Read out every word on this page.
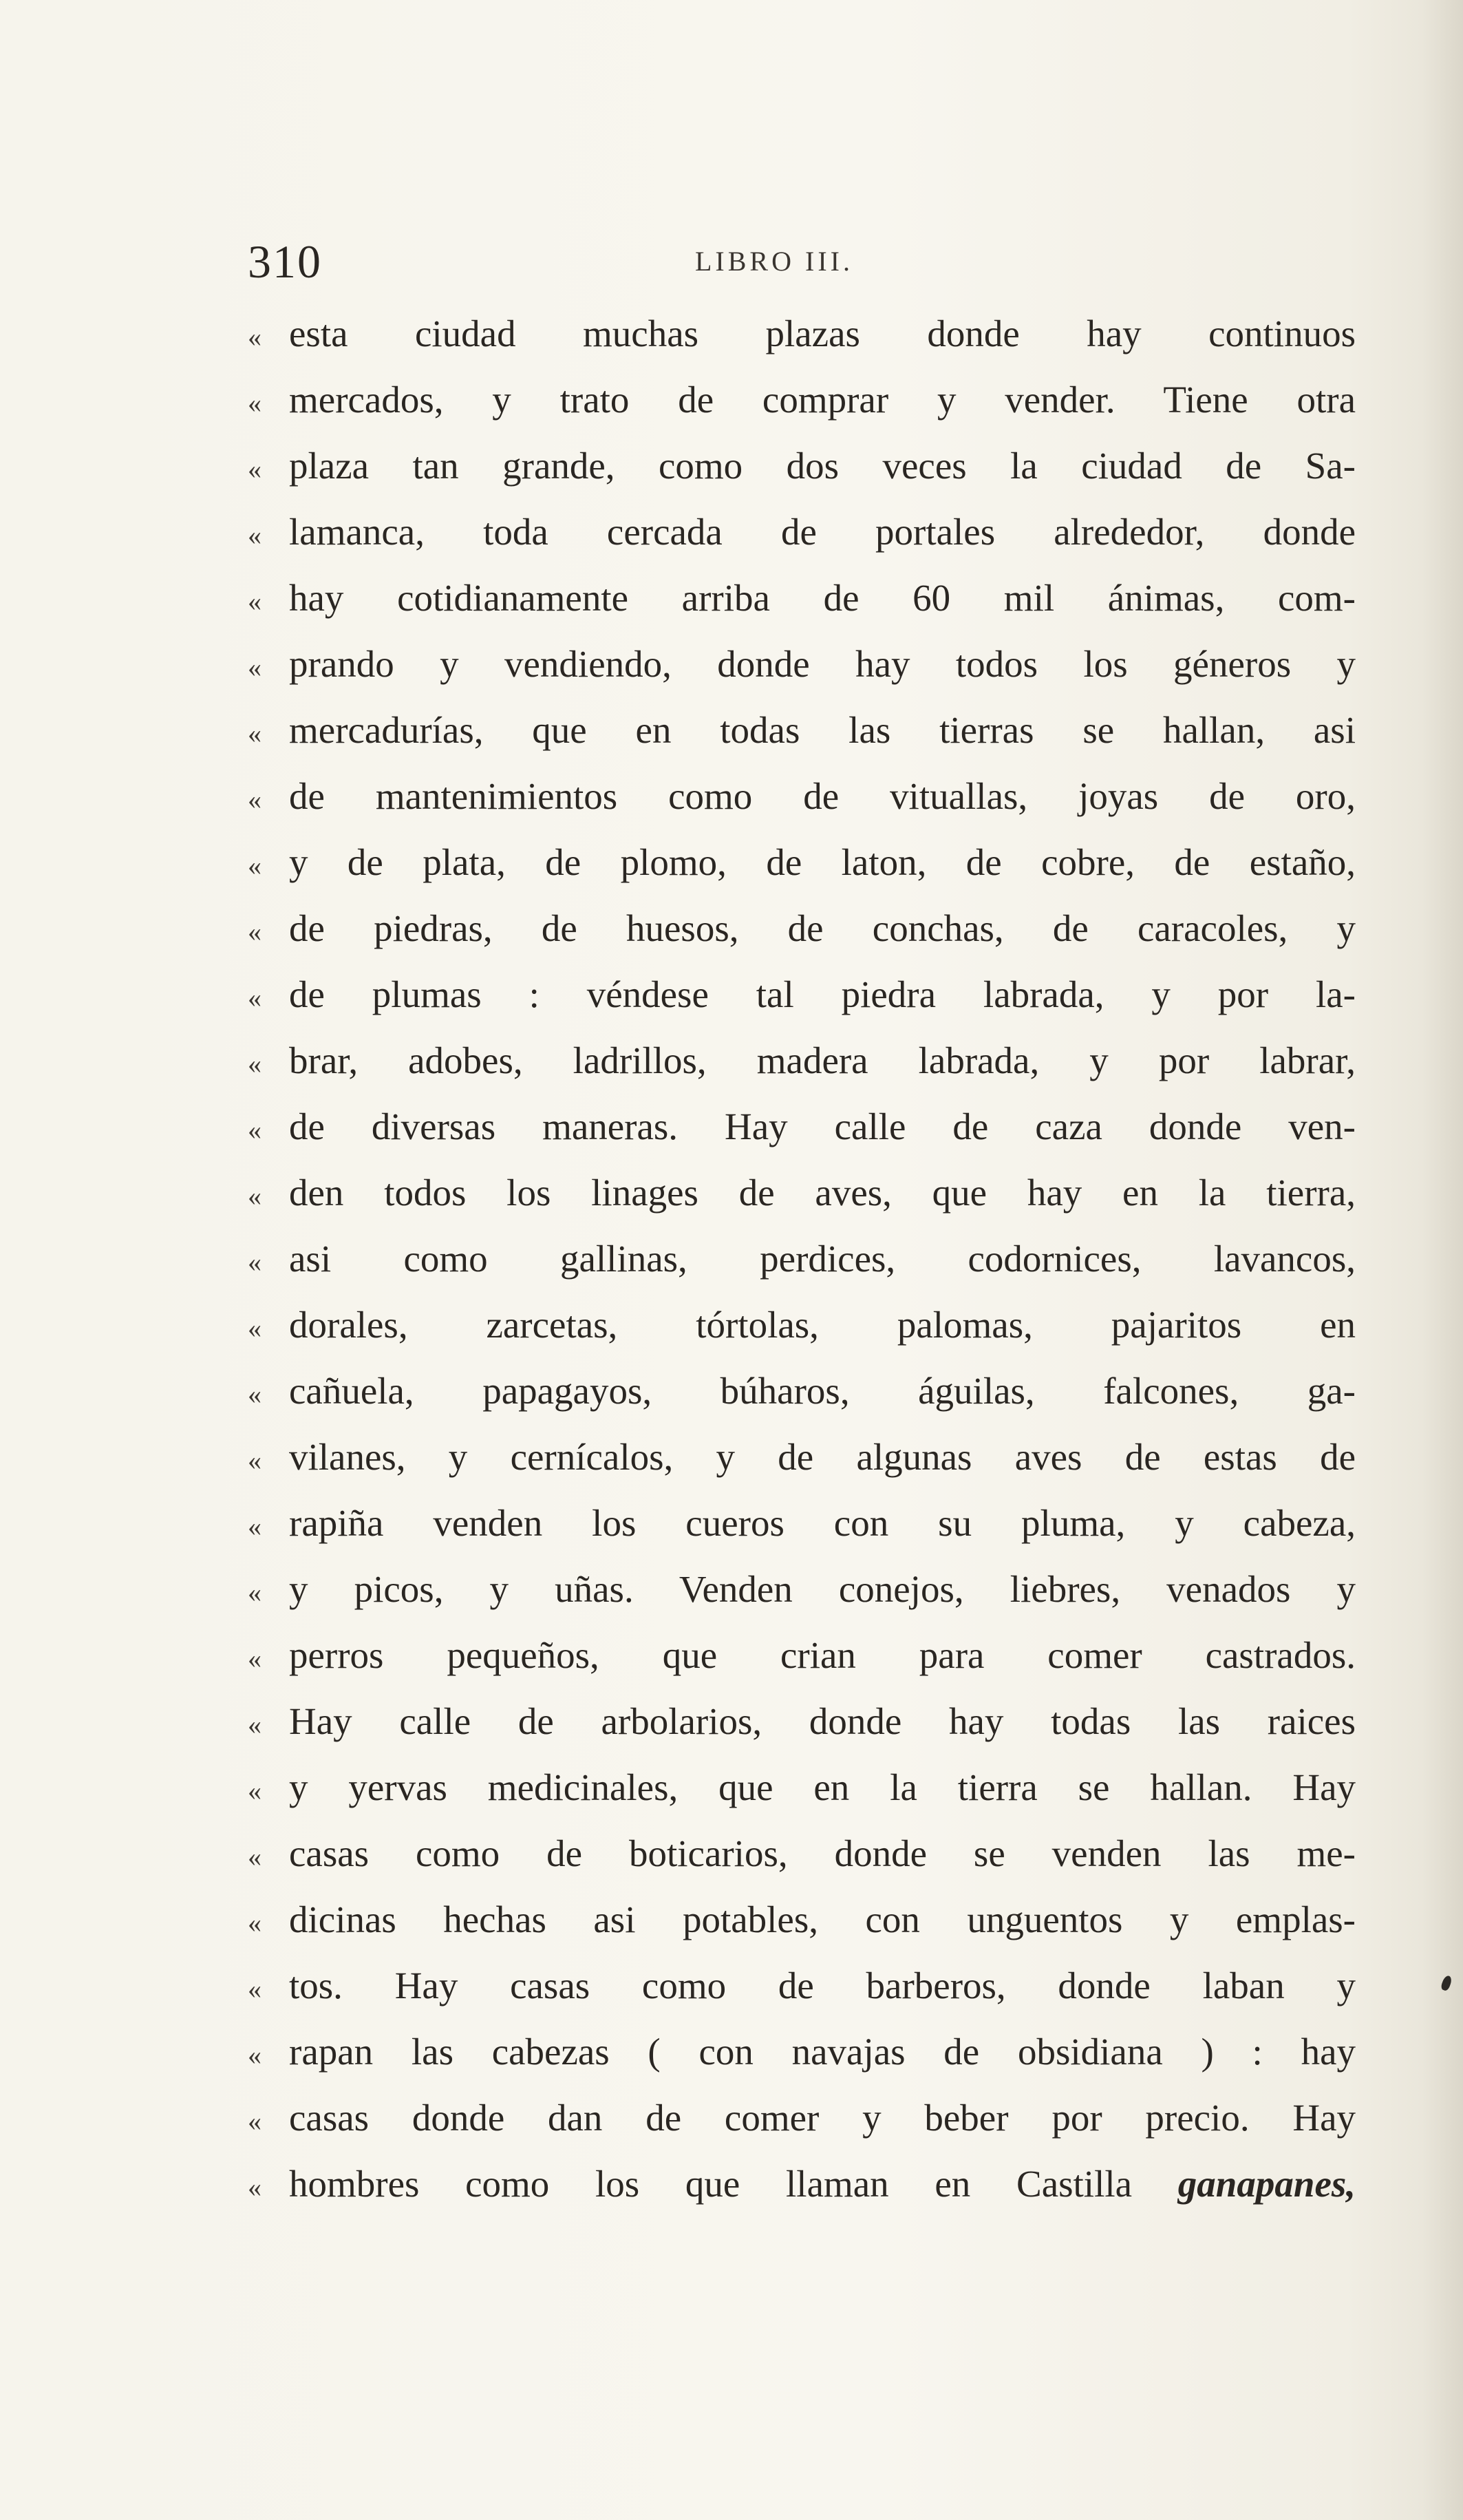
310	LIBRO III.
« esta ciudad muchas plazas donde hay continuos
« mercados, y trato de comprar y vender. Tiene otra
« plaza tan grande, como dos veces la ciudad de Sa-
« lamanca, toda cercada de portales alrededor, donde
« hay cotidianamente arriba de 60 mil ánimas, com-
« prando y vendiendo, donde hay todos los géneros y
« mercadurías, que en todas las tierras se hallan, asi
« de mantenimientos como de vituallas, joyas de oro,
« y de plata, de plomo, de laton, de cobre, de estaño,
« de piedras, de huesos, de conchas, de caracoles, y
« de plumas : véndese tal piedra labrada, y por la-
« brar, adobes, ladrillos, madera labrada, y por labrar,
« de diversas maneras. Hay calle de caza donde ven-
« den todos los linages de aves, que hay en la tierra,
« asi como gallinas, perdices, codornices, lavancos,
« dorales, zarcetas, tórtolas, palomas, pajaritos en
« cañuela, papagayos, búharos, águilas, falcones, ga-
« vilanes, y cernícalos, y de algunas aves de estas de
« rapiña venden los cueros con su pluma, y cabeza,
« y picos, y uñas. Venden conejos, liebres, venados y
« perros pequeños, que crian para comer castrados.
« Hay calle de arbolarios, donde hay todas las raices
« y yervas medicinales, que en la tierra se hallan. Hay
« casas como de boticarios, donde se venden las me-
« dicinas hechas asi potables, con unguentos y emplas-
« tos. Hay casas como de barberos, donde laban y
« rapan las cabezas ( con navajas de obsidiana ) : hay
« casas donde dan de comer y beber por precio. Hay
« hombres como los que llaman en Castilla ganapanes,
